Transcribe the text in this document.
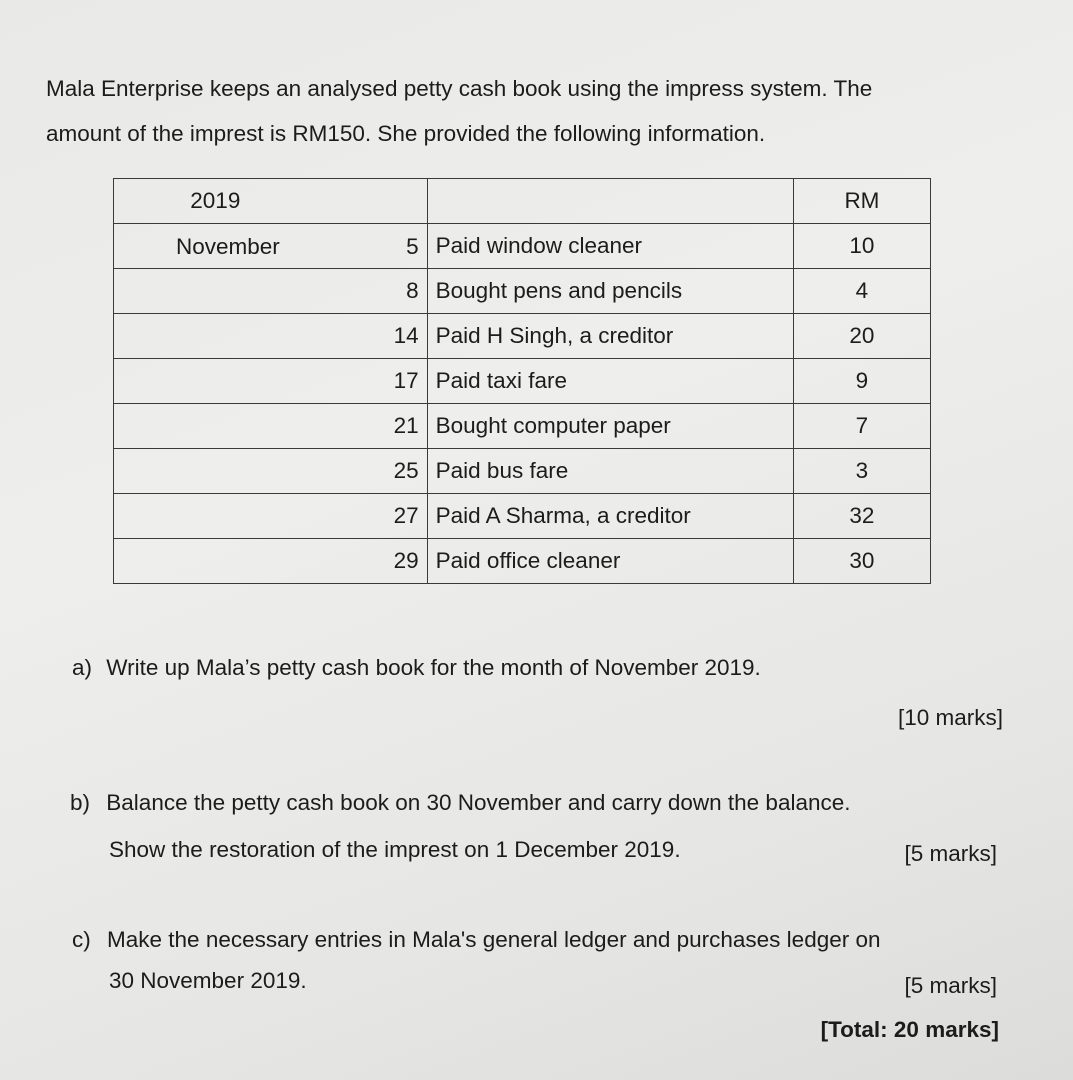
Mala Enterprise keeps an analysed petty cash book using the impress system. The
amount of the imprest is RM150. She provided the following information.
2019		RM

November 5	Paid window cleaner	10
8	Bought pens and pencils	4
14	Paid H Singh, a creditor	20
17	Paid taxi fare	9
21	Bought computer paper	7
25	Paid bus fare	3
27	Paid A Sharma, a creditor	32
29	Paid office cleaner	30
a) Write up Mala’s petty cash book for the month of November 2019.
[10 marks]
b) Balance the petty cash book on 30 November and carry down the balance.
Show the restoration of the imprest on 1 December 2019.	[5 marks]
c) Make the necessary entries in Mala's general ledger and purchases ledger on
30 November 2019.	[5 marks]
[Total: 20 marks]
